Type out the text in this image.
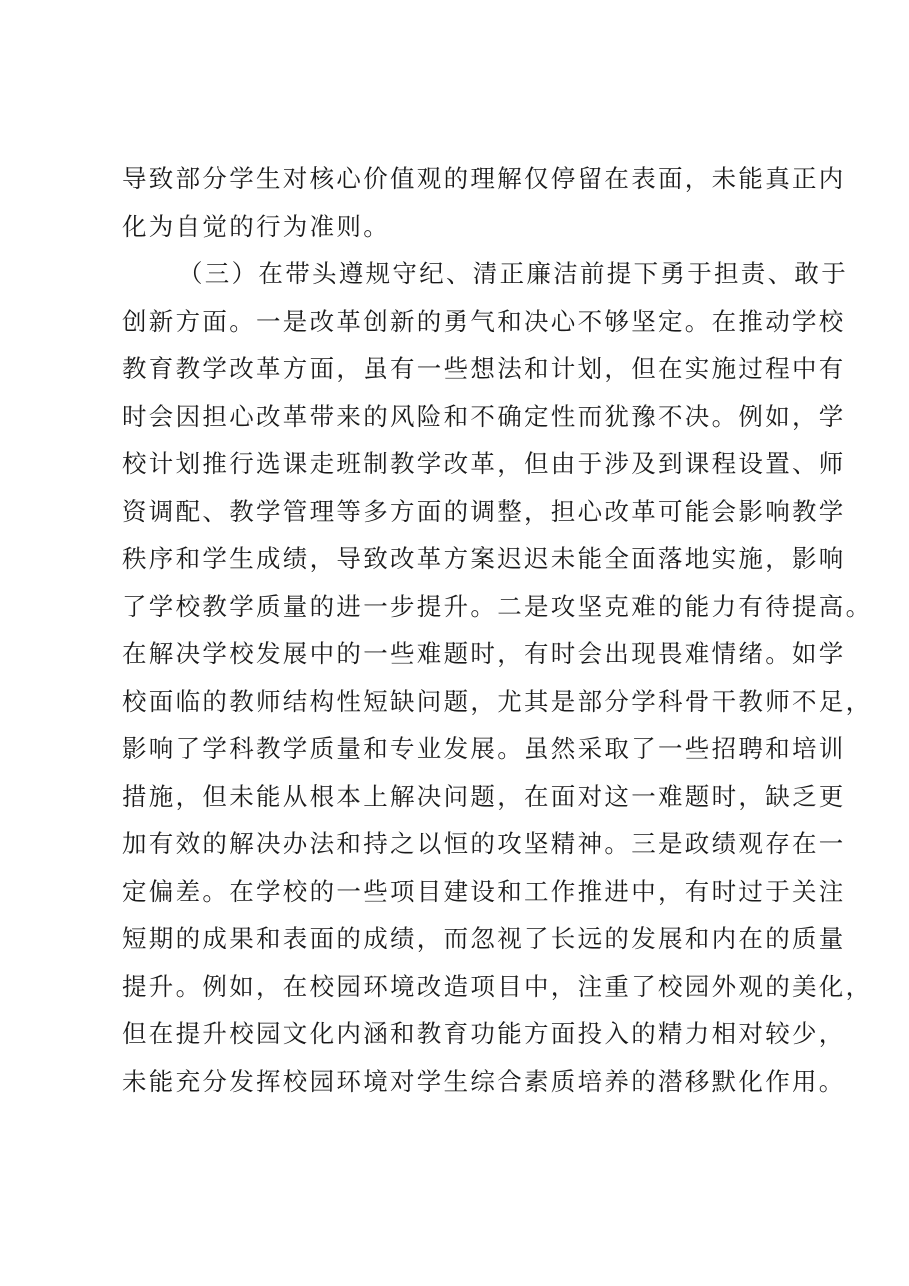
导致部分学生对核心价值观的理解仅停留在表面，未能真正内
化为自觉的行为准则。
（三）在带头遵规守纪、清正廉洁前提下勇于担责、敢于
创新方面。一是改革创新的勇气和决心不够坚定。在推动学校
教育教学改革方面，虽有一些想法和计划，但在实施过程中有
时会因担心改革带来的风险和不确定性而犹豫不决。例如，学
校计划推行选课走班制教学改革，但由于涉及到课程设置、师
资调配、教学管理等多方面的调整，担心改革可能会影响教学
秩序和学生成绩，导致改革方案迟迟未能全面落地实施，影响
了学校教学质量的进一步提升。二是攻坚克难的能力有待提高。
在解决学校发展中的一些难题时，有时会出现畏难情绪。如学
校面临的教师结构性短缺问题，尤其是部分学科骨干教师不足，
影响了学科教学质量和专业发展。虽然采取了一些招聘和培训
措施，但未能从根本上解决问题，在面对这一难题时，缺乏更
加有效的解决办法和持之以恒的攻坚精神。三是政绩观存在一
定偏差。在学校的一些项目建设和工作推进中，有时过于关注
短期的成果和表面的成绩，而忽视了长远的发展和内在的质量
提升。例如，在校园环境改造项目中，注重了校园外观的美化，
但在提升校园文化内涵和教育功能方面投入的精力相对较少，
未能充分发挥校园环境对学生综合素质培养的潜移默化作用。
